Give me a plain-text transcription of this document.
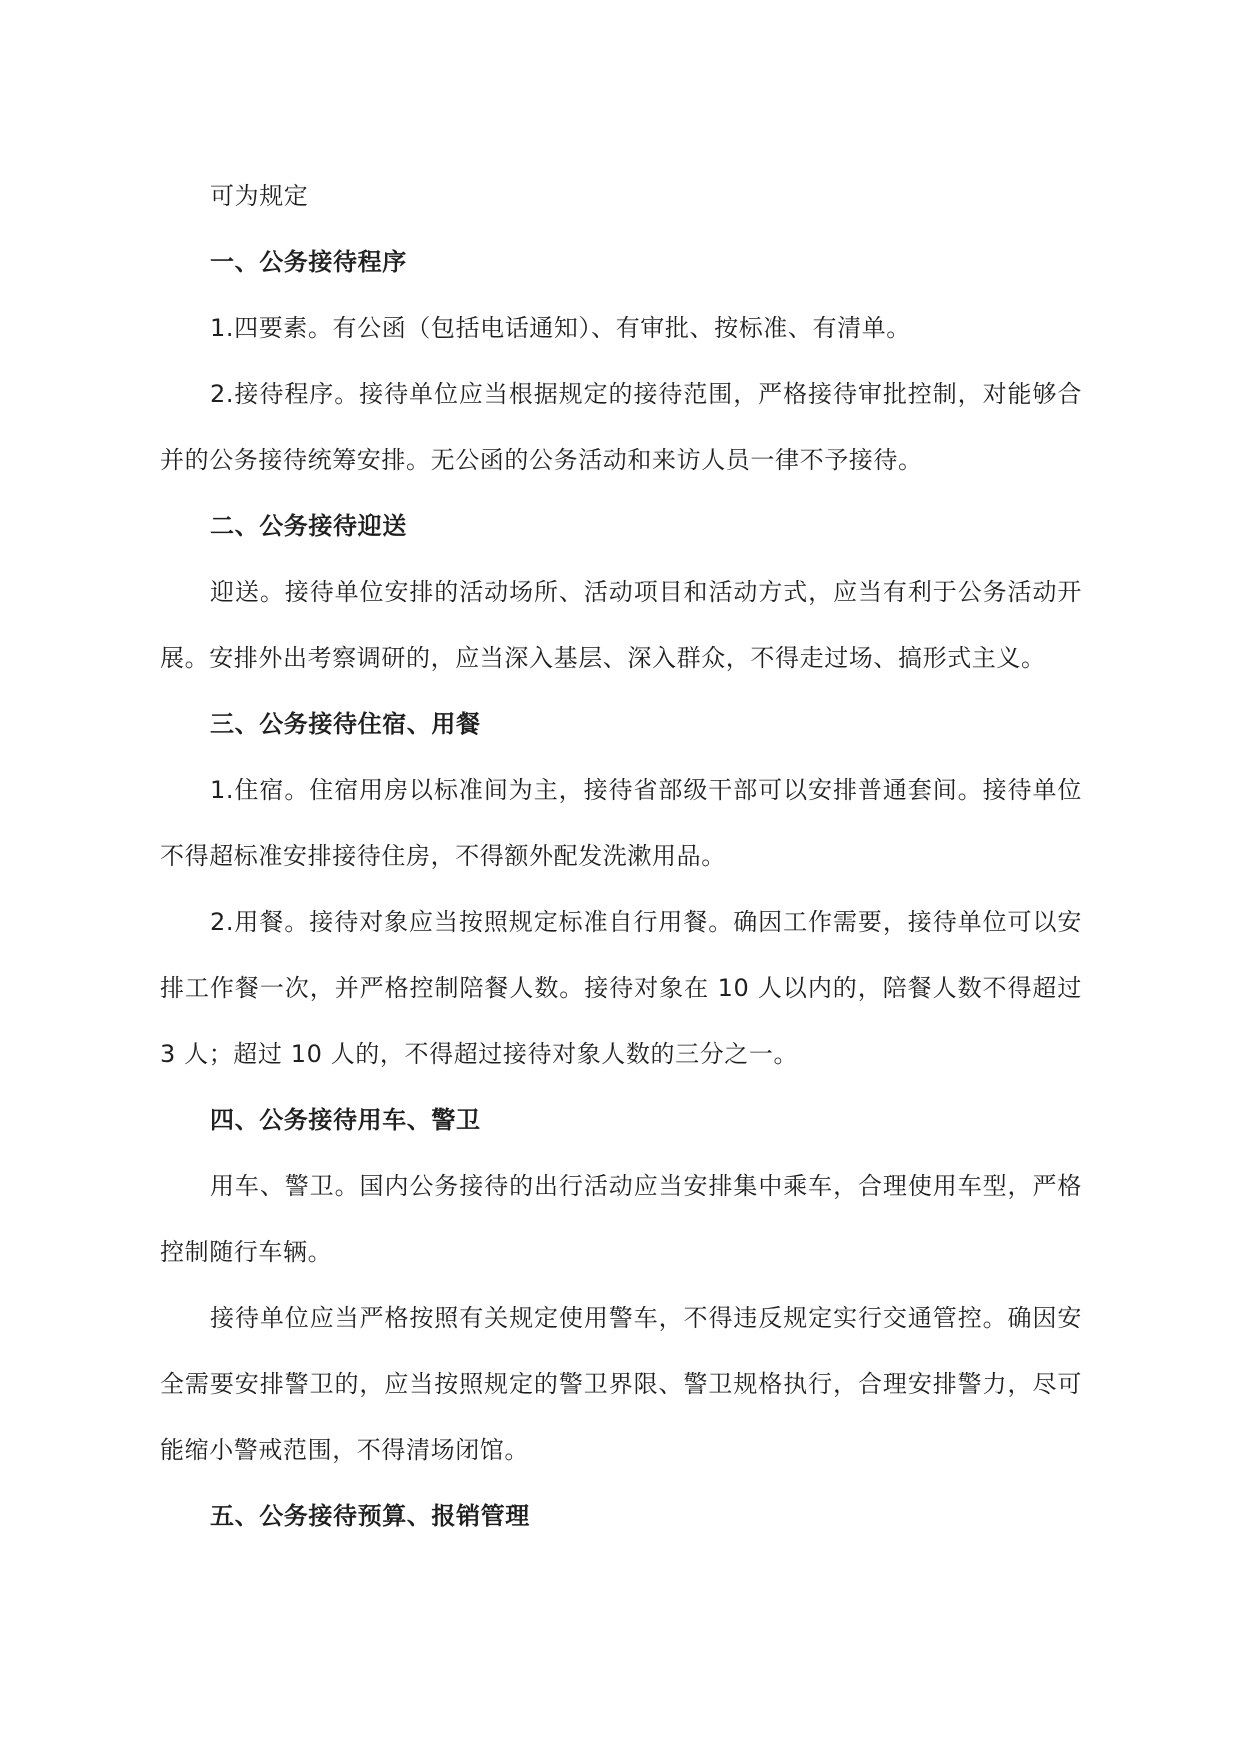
可为规定

一、公务接待程序

1.四要素。有公函（包括电话通知）、有审批、按标准、有清单。

2.接待程序。接待单位应当根据规定的接待范围，严格接待审批控制，对能够合并的公务接待统筹安排。无公函的公务活动和来访人员一律不予接待。

二、公务接待迎送

迎送。接待单位安排的活动场所、活动项目和活动方式，应当有利于公务活动开展。安排外出考察调研的，应当深入基层、深入群众，不得走过场、搞形式主义。

三、公务接待住宿、用餐

1.住宿。住宿用房以标准间为主，接待省部级干部可以安排普通套间。接待单位不得超标准安排接待住房，不得额外配发洗漱用品。

2.用餐。接待对象应当按照规定标准自行用餐。确因工作需要，接待单位可以安排工作餐一次，并严格控制陪餐人数。接待对象在 10 人以内的，陪餐人数不得超过 3 人；超过 10 人的，不得超过接待对象人数的三分之一。

四、公务接待用车、警卫

用车、警卫。国内公务接待的出行活动应当安排集中乘车，合理使用车型，严格控制随行车辆。

接待单位应当严格按照有关规定使用警车，不得违反规定实行交通管控。确因安全需要安排警卫的，应当按照规定的警卫界限、警卫规格执行，合理安排警力，尽可能缩小警戒范围，不得清场闭馆。

五、公务接待预算、报销管理
